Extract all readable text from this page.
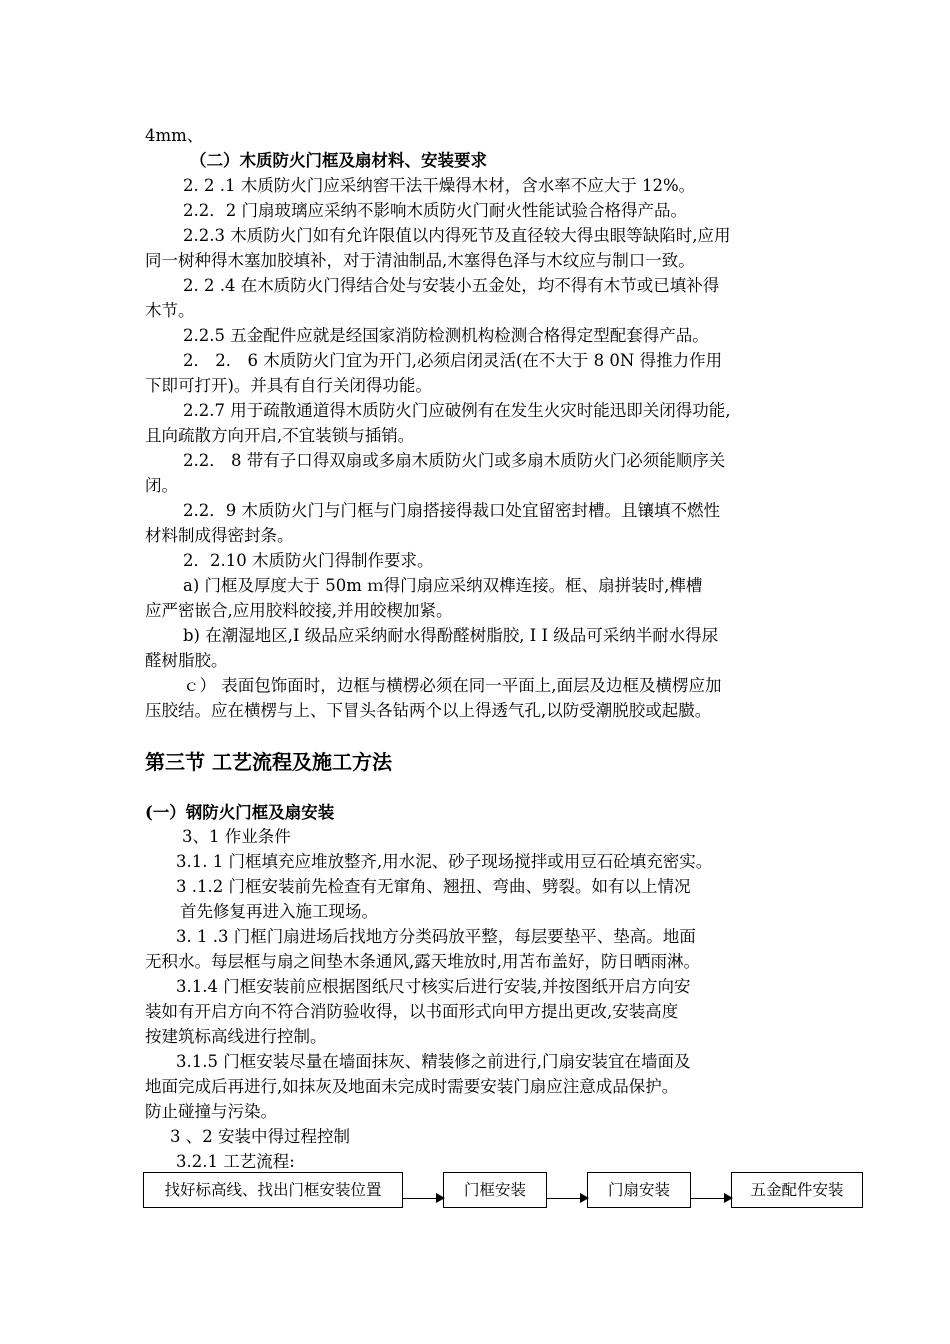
4mm、
（二）木质防火门框及扇材料、安装要求
2. 2 .1 木质防火门应采纳窖干法干燥得木材，含水率不应大于 12%。
2.2．2 门扇玻璃应采纳不影响木质防火门耐火性能试验合格得产品。
2.2.3 木质防火门如有允许限值以内得死节及直径较大得虫眼等缺陷时,应用
同一树种得木塞加胶填补，对于清油制品,木塞得色泽与木纹应与制口一致。
2. 2 .4 在木质防火门得结合处与安装小五金处，均不得有木节或已填补得
木节。
2.2.5 五金配件应就是经国家消防检测机构检测合格得定型配套得产品。
2． 2． 6 木质防火门宜为开门,必须启闭灵活(在不大于 8 0N 得推力作用
下即可打开)。并具有自行关闭得功能。
2.2.7 用于疏散通道得木质防火门应破例有在发生火灾时能迅即关闭得功能,
且向疏散方向开启,不宜装锁与插销。
2.2． 8 带有子口得双扇或多扇木质防火门或多扇木质防火门必须能顺序关
闭。
2.2．9 木质防火门与门框与门扇搭接得裁口处宜留密封槽。且镶填不燃性
材料制成得密封条。
2．2.10 木质防火门得制作要求。
a) 门框及厚度大于 50m ｍ得门扇应采纳双榫连接。框、扇拼装时,榫槽
应严密嵌合,应用胶料皎接,并用皎楔加紧。
b) 在潮湿地区,I 级品应采纳耐水得酚醛树脂胶, I I 级品可采纳半耐水得尿
醛树脂胶。
ｃ） 表面包饰面时，边框与横楞必须在同一平面上,面层及边框及横楞应加
压胶结。应在横楞与上、下冒头各钻两个以上得透气孔,以防受潮脱胶或起臌。
第三节 工艺流程及施工方法
(一）钢防火门框及扇安装
3、1 作业条件
3.1. 1 门框填充应堆放整齐,用水泥、砂子现场搅拌或用豆石砼填充密实。
3 .1.2 门框安装前先检查有无窜角、翘扭、弯曲、劈裂。如有以上情况
首先修复再进入施工现场。
3. 1 .3 门框门扇进场后找地方分类码放平整，每层要垫平、垫高。地面
无积水。每层框与扇之间垫木条通风,露天堆放时,用苫布盖好，防日晒雨淋。
3.1.4 门框安装前应根据图纸尺寸核实后进行安装,并按图纸开启方向安
装如有开启方向不符合消防验收得，以书面形式向甲方提出更改,安装高度
按建筑标高线进行控制。
3.1.5 门框安装尽量在墙面抹灰、精装修之前进行,门扇安装宜在墙面及
地面完成后再进行,如抹灰及地面未完成时需要安装门扇应注意成品保护。
防止碰撞与污染。
3 、2 安装中得过程控制
3.2.1 工艺流程:
找好标高线、找出门框安装位置	门框安装	门扇安装	五金配件安装
